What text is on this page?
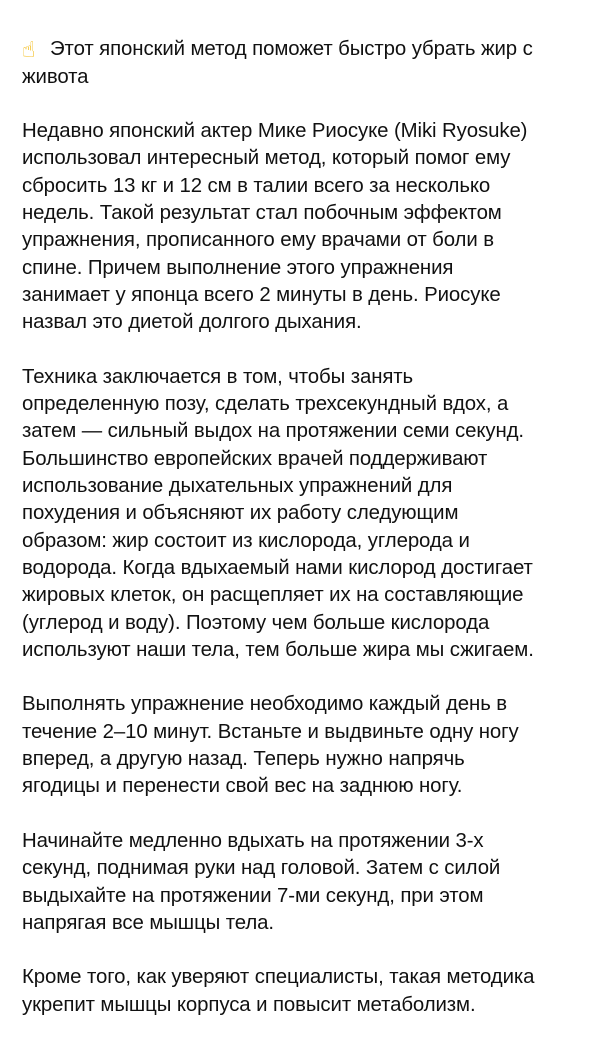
☝ Этот японский метод поможет быстро убрать жир с
живота

Недавно японский актер Мике Риосуке (Miki Ryosuke)
использовал интересный метод, который помог ему
сбросить 13 кг и 12 см в талии всего за несколько
недель. Такой результат стал побочным эффектом
упражнения, прописанного ему врачами от боли в
спине. Причем выполнение этого упражнения
занимает у японца всего 2 минуты в день. Риосуке
назвал это диетой долгого дыхания.

Техника заключается в том, чтобы занять
определенную позу, сделать трехсекундный вдох, а
затем — сильный выдох на протяжении семи секунд.
Большинство европейских врачей поддерживают
использование дыхательных упражнений для
похудения и объясняют их работу следующим
образом: жир состоит из кислорода, углерода и
водорода. Когда вдыхаемый нами кислород достигает
жировых клеток, он расщепляет их на составляющие
(углерод и воду). Поэтому чем больше кислорода
используют наши тела, тем больше жира мы сжигаем.

Выполнять упражнение необходимо каждый день в
течение 2–10 минут. Встаньте и выдвиньте одну ногу
вперед, а другую назад. Теперь нужно напрячь
ягодицы и перенести свой вес на заднюю ногу.

Начинайте медленно вдыхать на протяжении 3-х
секунд, поднимая руки над головой. Затем с силой
выдыхайте на протяжении 7-ми секунд, при этом
напрягая все мышцы тела.

Кроме того, как уверяют специалисты, такая методика
укрепит мышцы корпуса и повысит метаболизм.
